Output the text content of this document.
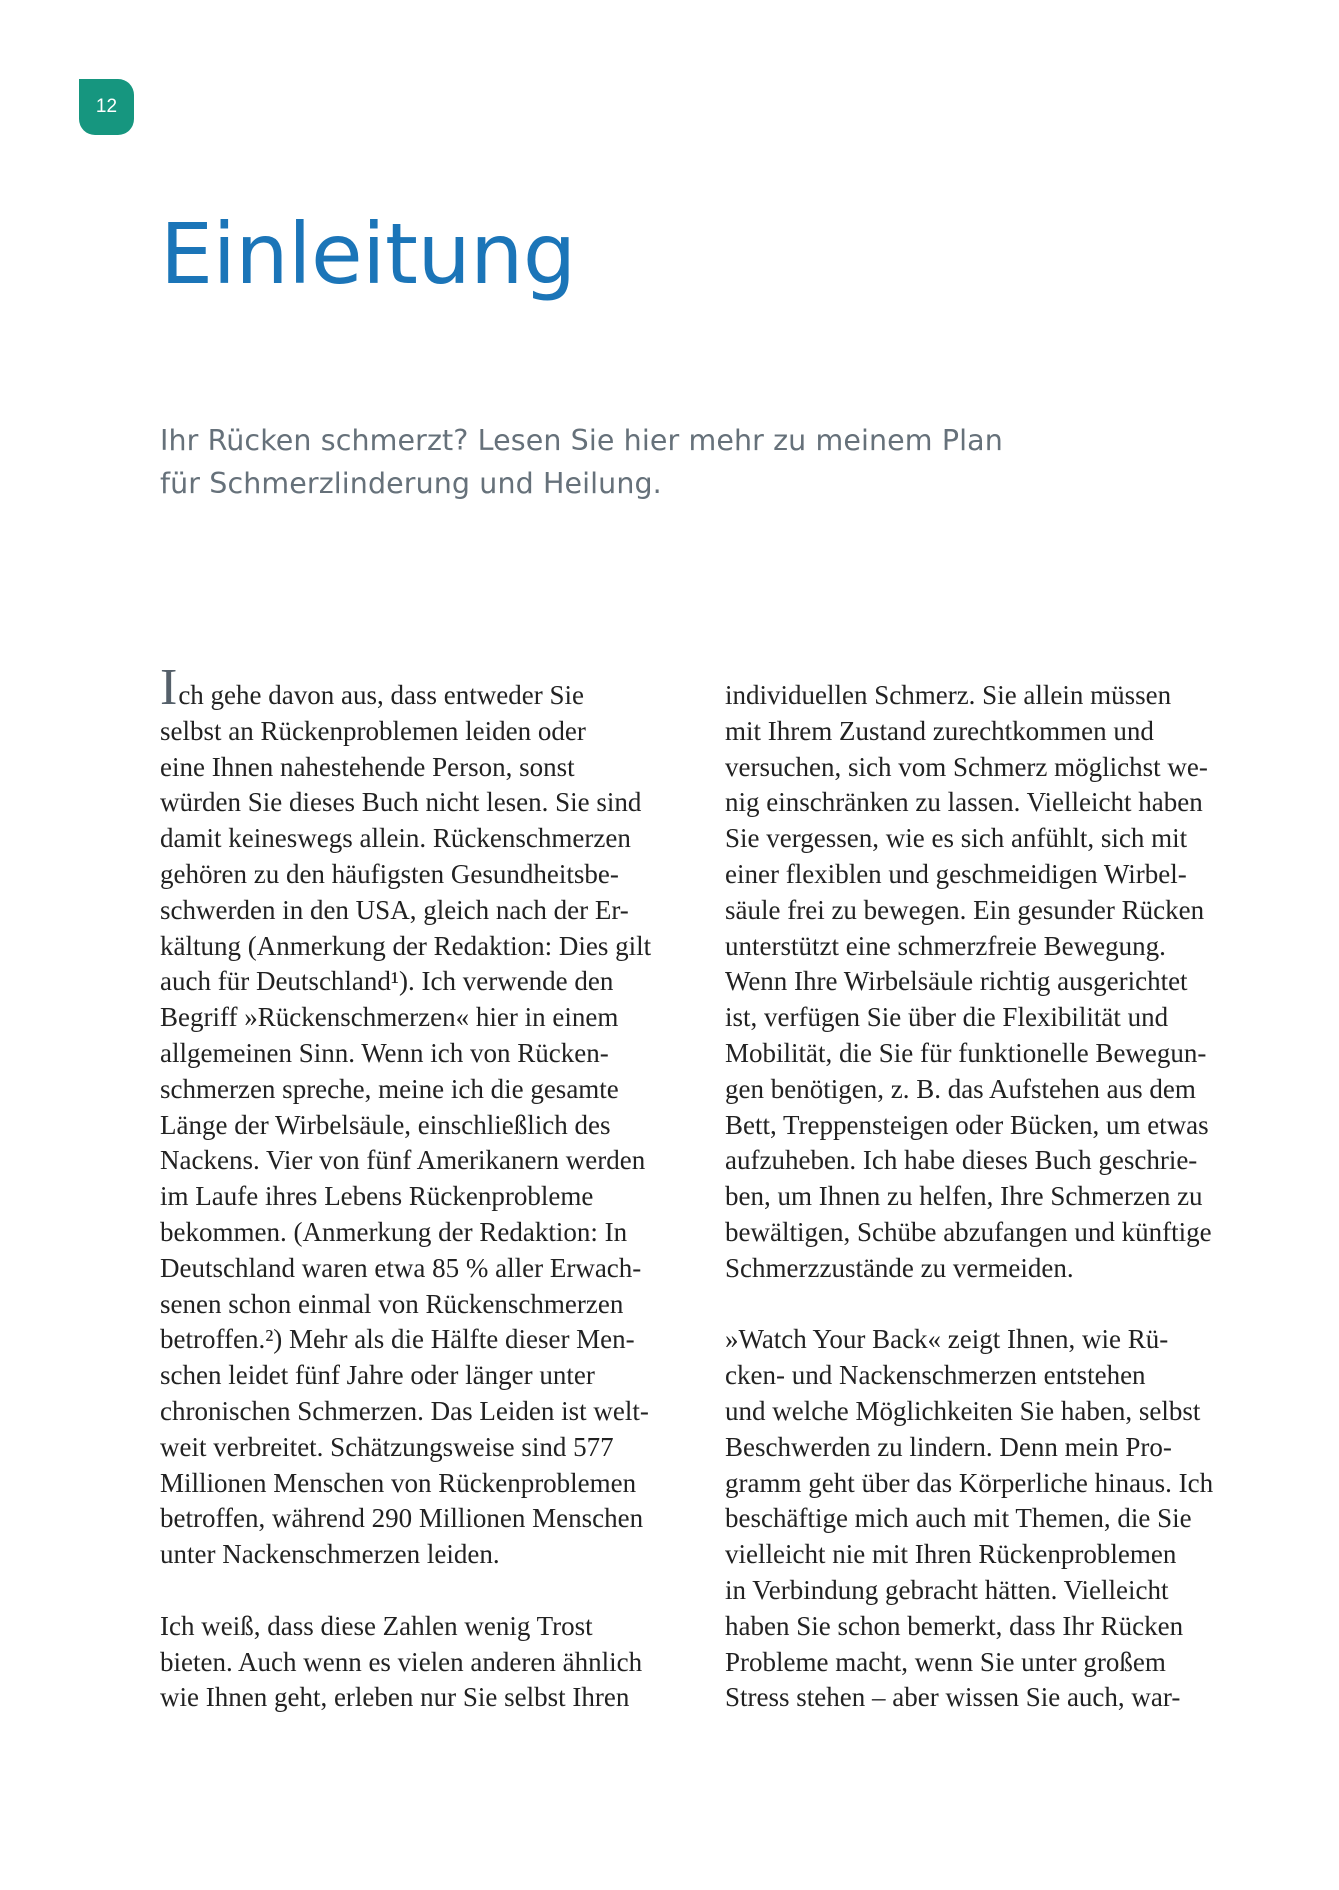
12
Einleitung

Ihr Rücken schmerzt? Lesen Sie hier mehr zu meinem Plan
für Schmerzlinderung und Heilung.

Ich gehe davon aus, dass entweder Sie
selbst an Rückenproblemen leiden oder
eine Ihnen nahestehende Person, sonst
würden Sie dieses Buch nicht lesen. Sie sind
damit keineswegs allein. Rückenschmerzen
gehören zu den häufigsten Gesundheitsbe-
schwerden in den USA, gleich nach der Er-
kältung (Anmerkung der Redaktion: Dies gilt
auch für Deutschland¹). Ich verwende den
Begriff »Rückenschmerzen« hier in einem
allgemeinen Sinn. Wenn ich von Rücken-
schmerzen spreche, meine ich die gesamte
Länge der Wirbelsäule, einschließlich des
Nackens. Vier von fünf Amerikanern werden
im Laufe ihres Lebens Rückenprobleme
bekommen. (Anmerkung der Redaktion: In
Deutschland waren etwa 85 % aller Erwach-
senen schon einmal von Rückenschmerzen
betroffen.²) Mehr als die Hälfte dieser Men-
schen leidet fünf Jahre oder länger unter
chronischen Schmerzen. Das Leiden ist welt-
weit verbreitet. Schätzungsweise sind 577
Millionen Menschen von Rückenproblemen
betroffen, während 290 Millionen Menschen
unter Nackenschmerzen leiden.
Ich weiß, dass diese Zahlen wenig Trost
bieten. Auch wenn es vielen anderen ähnlich
wie Ihnen geht, erleben nur Sie selbst Ihren
individuellen Schmerz. Sie allein müssen
mit Ihrem Zustand zurechtkommen und
versuchen, sich vom Schmerz möglichst we-
nig einschränken zu lassen. Vielleicht haben
Sie vergessen, wie es sich anfühlt, sich mit
einer flexiblen und geschmeidigen Wirbel-
säule frei zu bewegen. Ein gesunder Rücken
unterstützt eine schmerzfreie Bewegung.
Wenn Ihre Wirbelsäule richtig ausgerichtet
ist, verfügen Sie über die Flexibilität und
Mobilität, die Sie für funktionelle Bewegun-
gen benötigen, z. B. das Aufstehen aus dem
Bett, Treppensteigen oder Bücken, um etwas
aufzuheben. Ich habe dieses Buch geschrie-
ben, um Ihnen zu helfen, Ihre Schmerzen zu
bewältigen, Schübe abzufangen und künftige
Schmerzzustände zu vermeiden.
»Watch Your Back« zeigt Ihnen, wie Rü-
cken- und Nackenschmerzen entstehen
und welche Möglichkeiten Sie haben, selbst
Beschwerden zu lindern. Denn mein Pro-
gramm geht über das Körperliche hinaus. Ich
beschäftige mich auch mit Themen, die Sie
vielleicht nie mit Ihren Rückenproblemen
in Verbindung gebracht hätten. Vielleicht
haben Sie schon bemerkt, dass Ihr Rücken
Probleme macht, wenn Sie unter großem
Stress stehen – aber wissen Sie auch, war-
